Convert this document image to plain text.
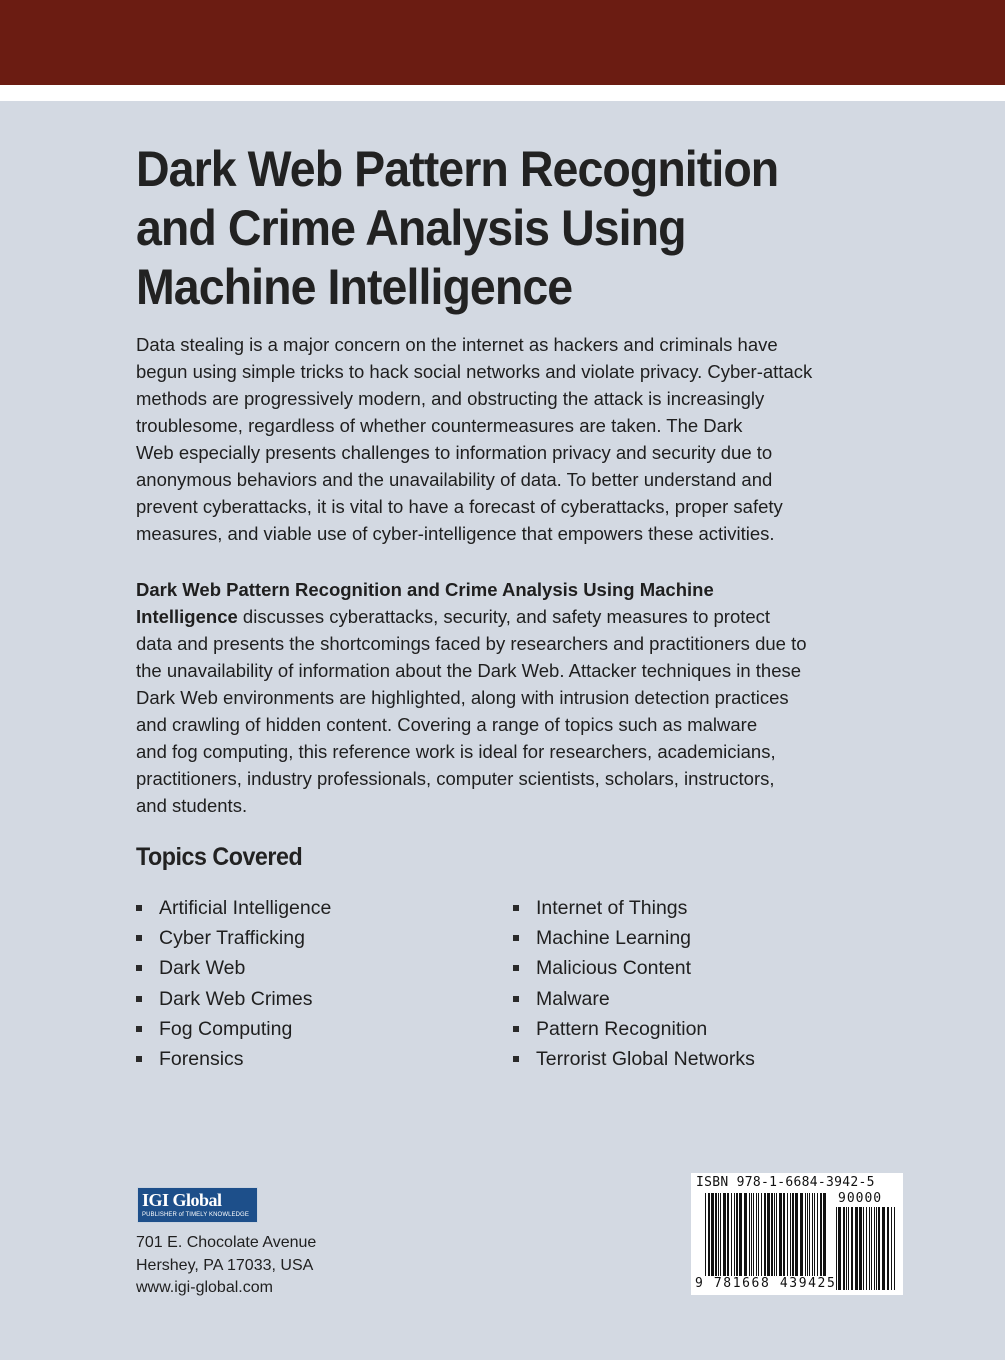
Dark Web Pattern Recognition
and Crime Analysis Using
Machine Intelligence

Data stealing is a major concern on the internet as hackers and criminals have
begun using simple tricks to hack social networks and violate privacy. Cyber-attack
methods are progressively modern, and obstructing the attack is increasingly
troublesome, regardless of whether countermeasures are taken. The Dark
Web especially presents challenges to information privacy and security due to
anonymous behaviors and the unavailability of data. To better understand and
prevent cyberattacks, it is vital to have a forecast of cyberattacks, proper safety
measures, and viable use of cyber-intelligence that empowers these activities.

Dark Web Pattern Recognition and Crime Analysis Using Machine
Intelligence discusses cyberattacks, security, and safety measures to protect
data and presents the shortcomings faced by researchers and practitioners due to
the unavailability of information about the Dark Web. Attacker techniques in these
Dark Web environments are highlighted, along with intrusion detection practices
and crawling of hidden content. Covering a range of topics such as malware
and fog computing, this reference work is ideal for researchers, academicians,
practitioners, industry professionals, computer scientists, scholars, instructors,
and students.

Topics Covered
Artificial Intelligence
Cyber Trafficking
Dark Web
Dark Web Crimes
Fog Computing
Forensics
Internet of Things
Machine Learning
Malicious Content
Malware
Pattern Recognition
Terrorist Global Networks
IGI Global
PUBLISHER of TIMELY KNOWLEDGE

701 E. Chocolate Avenue
Hershey, PA 17033, USA
www.igi-global.com

ISBN 978-1-6684-3942-5
90000
9 781668 439425
